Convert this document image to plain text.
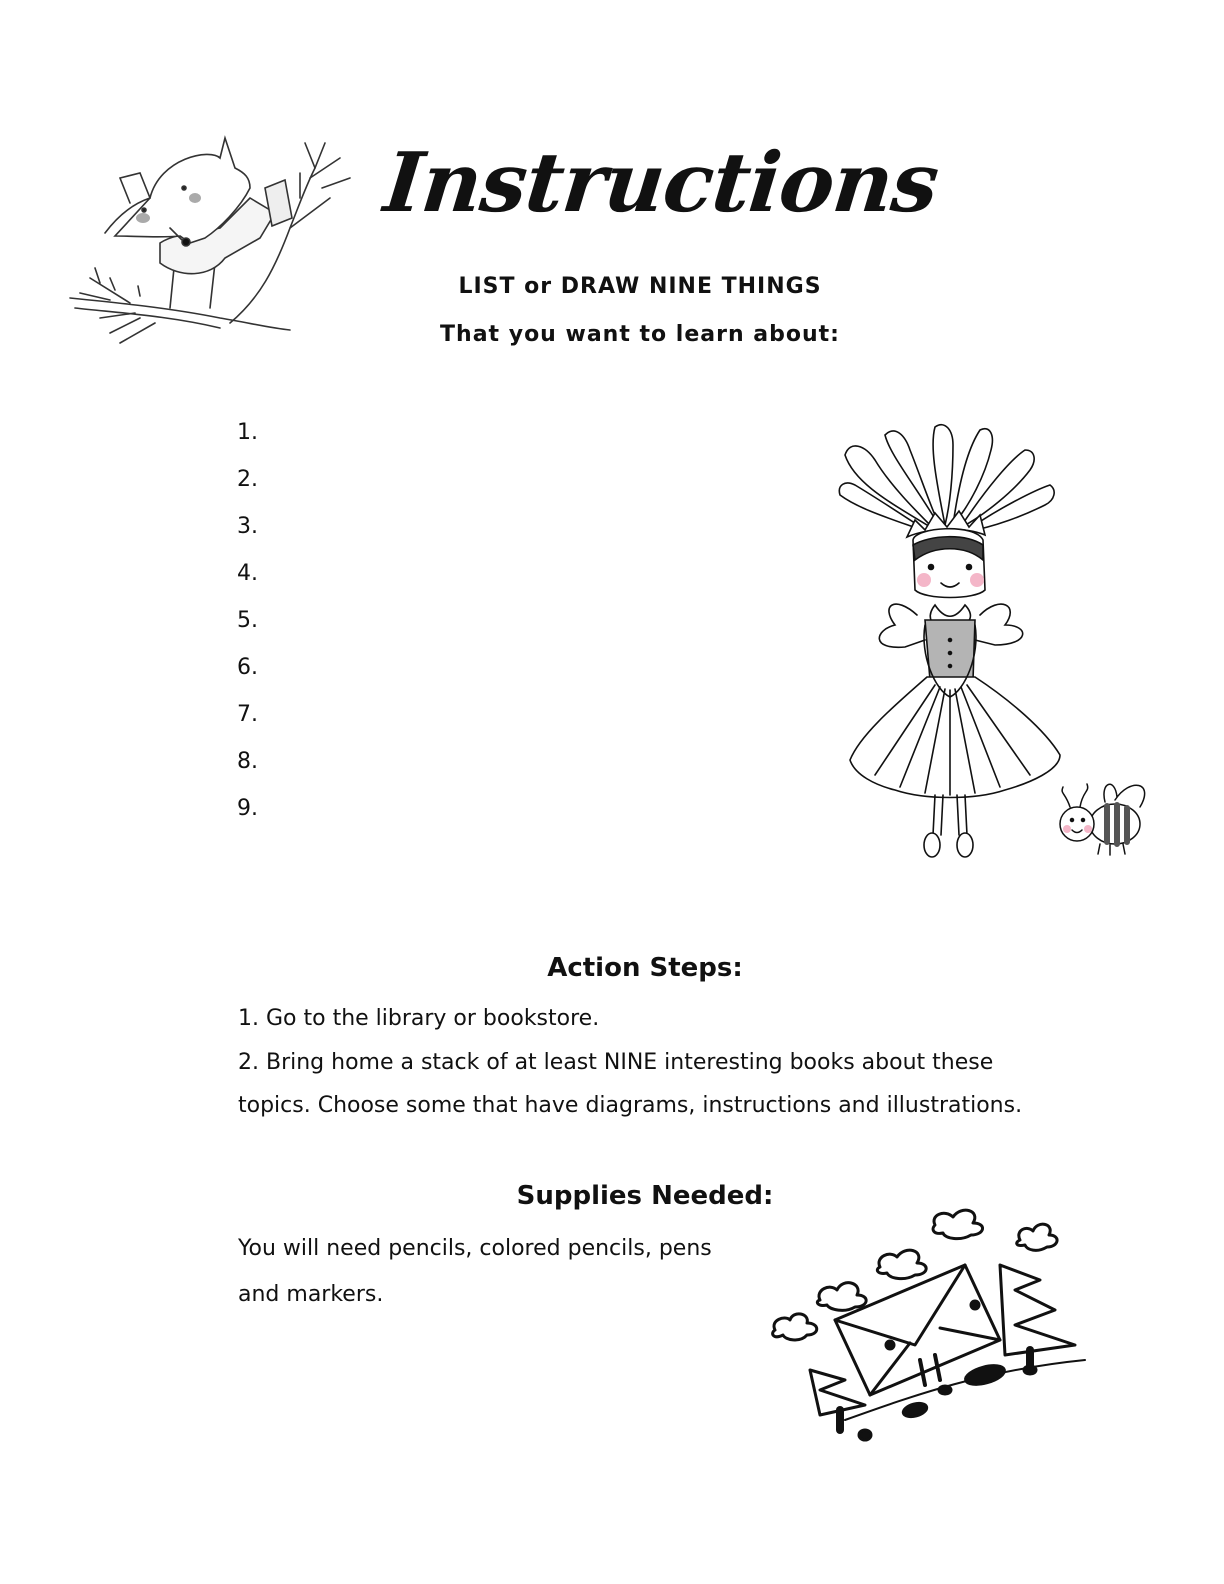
Instructions
LIST or DRAW NINE THINGS
That you want to learn about:
1.
2.
3.
4.
5.
6.
7.
8.
9.
Action Steps:

1. Go to the library or bookstore.

2. Bring home a stack of at least NINE interesting books about these topics. Choose some that have diagrams, instructions and illustrations.

Supplies Needed:
You will need pencils, colored pencils, pens and markers.
